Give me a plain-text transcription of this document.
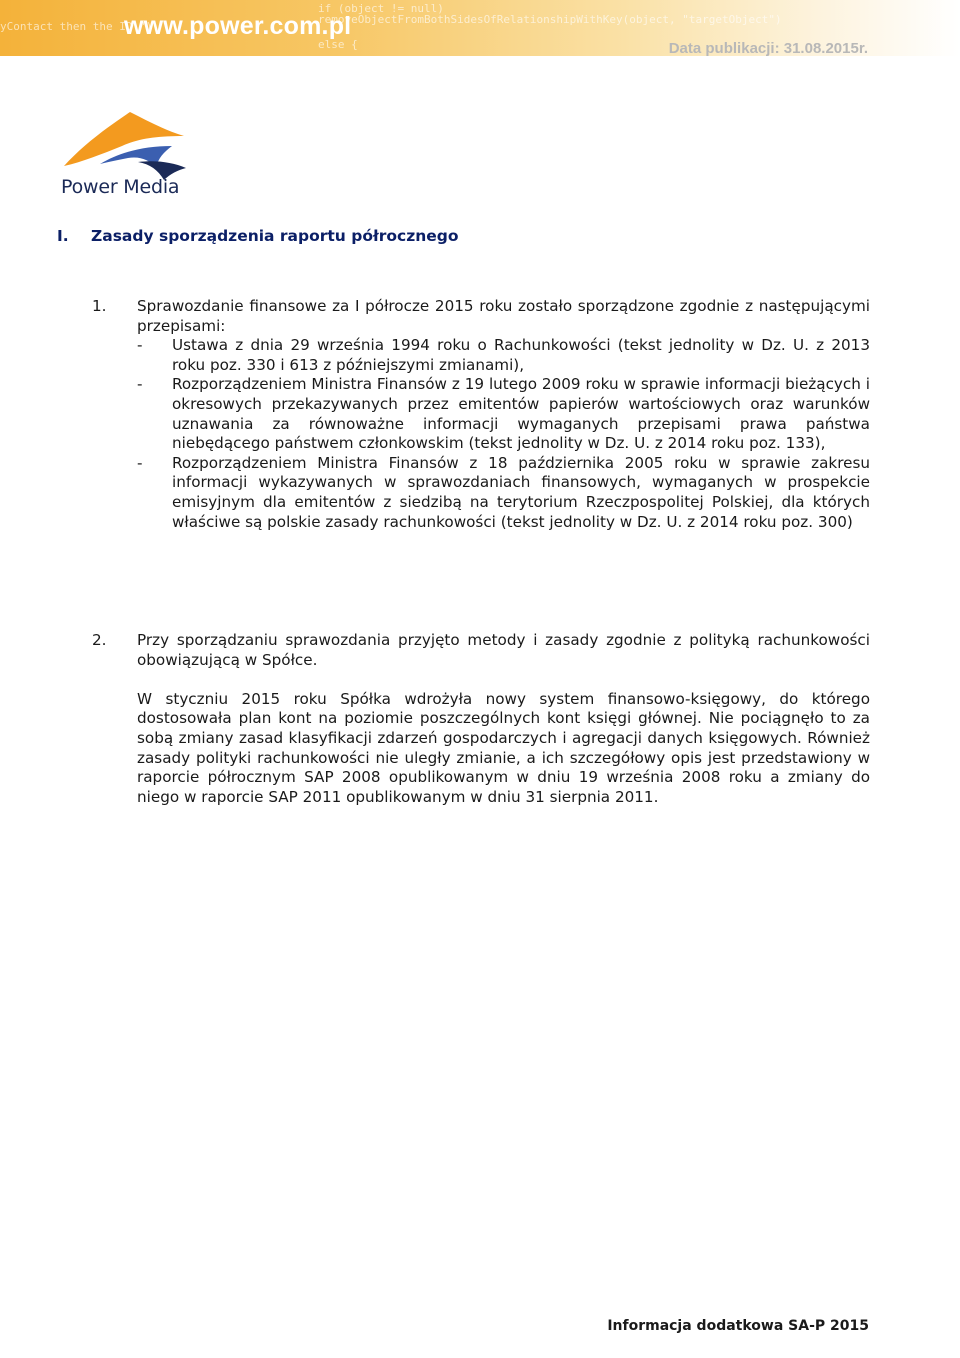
yContact then the ID ")
if (object != null)
removeObjectFromBothSidesOfRelationshipWithKey(object, "targetObject")
else {
www.power.com.pl
Data publikacji: 31.08.2015r.
Power Media
I. Zasady sporządzenia raportu półrocznego
1. Sprawozdanie finansowe za I półrocze 2015 roku zostało sporządzone zgodnie z następującymi przepisami:

- Ustawa z dnia 29 września 1994 roku o Rachunkowości (tekst jednolity w Dz. U. z 2013 roku poz. 330 i 613 z późniejszymi zmianami),
- Rozporządzeniem Ministra Finansów z 19 lutego 2009 roku w sprawie informacji bieżących i okresowych przekazywanych przez emitentów papierów wartościowych oraz warunków uznawania za równoważne informacji wymaganych przepisami prawa państwa niebędącego państwem członkowskim (tekst jednolity w Dz. U. z 2014 roku poz. 133),
- Rozporządzeniem Ministra Finansów z 18 października 2005 roku w sprawie zakresu informacji wykazywanych w sprawozdaniach finansowych, wymaganych w prospekcie emisyjnym dla emitentów z siedzibą na terytorium Rzeczpospolitej Polskiej, dla których właściwe są polskie zasady rachunkowości (tekst jednolity w Dz. U. z 2014 roku poz. 300)
2. Przy sporządzaniu sprawozdania przyjęto metody i zasady zgodnie z polityką rachunkowości obowiązującą w Spółce.

W styczniu 2015 roku Spółka wdrożyła nowy system finansowo-księgowy, do którego dostosowała plan kont na poziomie poszczególnych kont księgi głównej. Nie pociągnęło to za sobą zmiany zasad klasyfikacji zdarzeń gospodarczych i agregacji danych księgowych. Również zasady polityki rachunkowości nie uległy zmianie, a ich szczegółowy opis jest przedstawiony w raporcie półrocznym SAP 2008 opublikowanym w dniu 19 września 2008 roku a zmiany do niego w raporcie SAP 2011 opublikowanym w dniu 31 sierpnia 2011.

Informacja dodatkowa SA-P 2015
